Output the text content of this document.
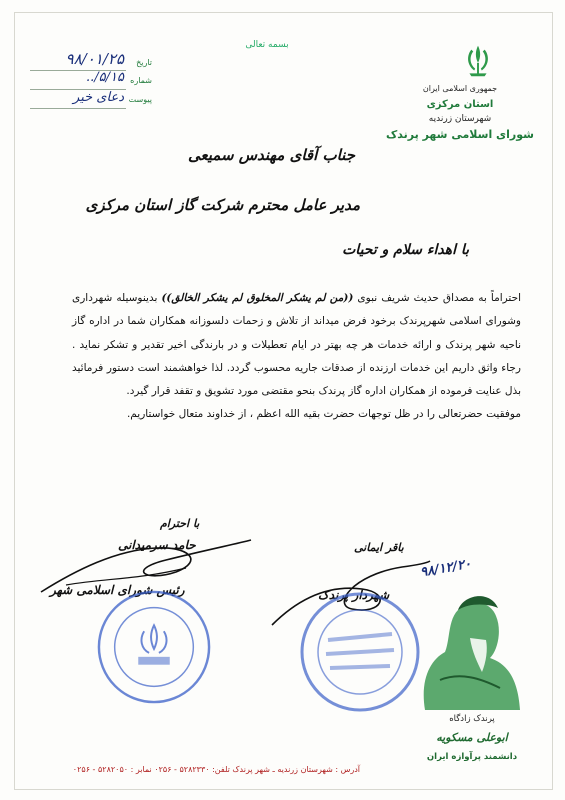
جمهوری اسلامی ایران
استان مرکزی
شهرستان زرندیه
شورای اسلامی شهر پرندک
بسمه تعالی
تاریخ
۹۸/۰۱/۲۵
شماره
۵/۱۵/..
پیوست
دعای خیر
جناب آقای مهندس سمیعی
مدیر عامل محترم شرکت گاز استان مرکزی
با اهداء سلام و تحیات

احتراماً به مصداق حدیث شریف نبوی ((من لم یشکر المخلوق لم یشکر الخالق)) بدینوسیله شهرداری وشورای اسلامی شهرپرندک برخود فرض میداند از تلاش و زحمات دلسوزانه همکاران شما در اداره گاز ناحیه شهر پرندک و ارائه خدمات هر چه بهتر در ایام تعطیلات و در بارندگی اخیر تقدیر و تشکر نماید . رجاء واثق داریم این خدمات ارزنده از صدقات جاریه محسوب گردد. لذا خواهشمند است دستور فرمائید بذل عنایت فرموده از همکاران اداره گاز پرندک بنحو مقتضی مورد تشویق و تقفد قرار گیرد.

موفقیت حضرتعالی را در ظل توجهات حضرت بقیه الله اعظم ، از خداوند متعال خواستاریم.

با احترام
حامد سرمیدانی
رئیس شورای اسلامی شهر
باقر ایمانی
شهردار پرندک
۹۸/۱۲/۲۰
پرندک زادگاه
ابوعلی مسکویه
دانشمند پرآوازه ایران
آدرس : شهرستان زرندیه ـ شهر پرندک تلفن: ۵۲۸۲۳۳۰ - ۰۲۵۶ نمابر : ۵۲۸۲۰۵۰ - ۰۲۵۶
